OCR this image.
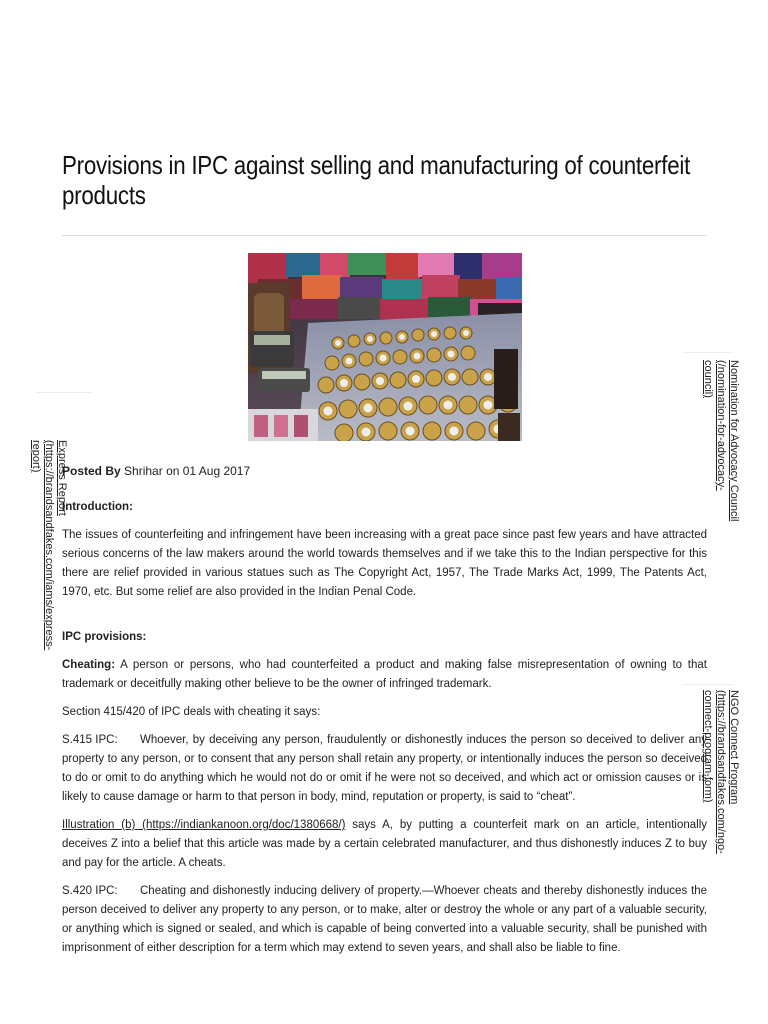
Provisions in IPC against selling and manufacturing of counterfeit products
Posted By Shrihar on 01 Aug 2017

Introduction:

The issues of counterfeiting and infringement have been increasing with a great pace since past few years and have attracted serious concerns of the law makers around the world towards themselves and if we take this to the Indian perspective for this there are relief provided in various statues such as The Copyright Act, 1957, The Trade Marks Act, 1999, The Patents Act, 1970, etc. But some relief are also provided in the Indian Penal Code.

IPC provisions:

Cheating: A person or persons, who had counterfeited a product and making false misrepresentation of owning to that trademark or deceitfully making other believe to be the owner of infringed trademark.

Section 415/420 of IPC deals with cheating it says:

S.415 IPC: Whoever, by deceiving any person, fraudulently or dishonestly induces the person so deceived to deliver any property to any person, or to consent that any person shall retain any property, or intentionally induces the person so deceived to do or omit to do anything which he would not do or omit if he were not so deceived, and which act or omission causes or is likely to cause damage or harm to that person in body, mind, reputation or property, is said to “cheat”.

Illustration (b) (https://indiankanoon.org/doc/1380668/) says A, by putting a counterfeit mark on an article, intentionally deceives Z into a belief that this article was made by a certain celebrated manufacturer, and thus dishonestly induces Z to buy and pay for the article. A cheats.

S.420 IPC: Cheating and dishonestly inducing delivery of property.—Whoever cheats and thereby dishonestly induces the person deceived to deliver any property to any person, or to make, alter or destroy the whole or any part of a valuable security, or anything which is signed or sealed, and which is capable of being converted into a valuable security, shall be punished with imprisonment of either description for a term which may extend to seven years, and shall also be liable to fine.

Express Report
(https://brandsandfakes.com/iams/express-
report)	Nomination for Advocacy Council
(/nomination-for-advocacy-
council)
NGO Connect Program
(https://brandsandfakes.com/ngo-
connect-program-form)
